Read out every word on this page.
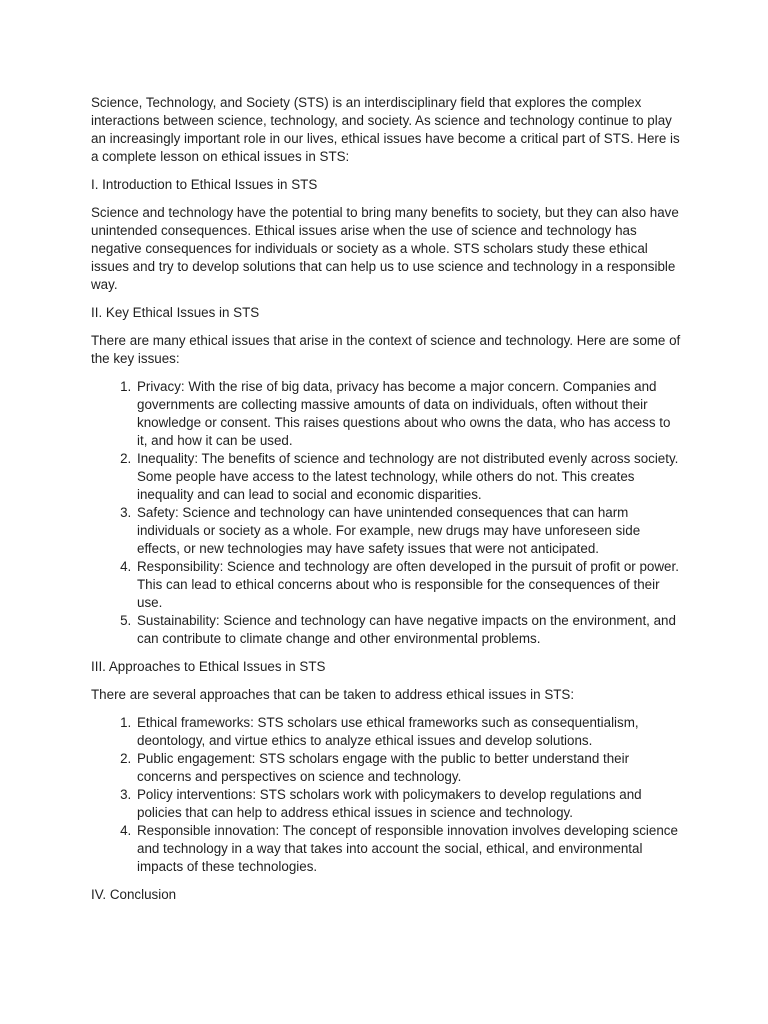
Science, Technology, and Society (STS) is an interdisciplinary field that explores the complex interactions between science, technology, and society. As science and technology continue to play an increasingly important role in our lives, ethical issues have become a critical part of STS. Here is a complete lesson on ethical issues in STS:

I. Introduction to Ethical Issues in STS

Science and technology have the potential to bring many benefits to society, but they can also have unintended consequences. Ethical issues arise when the use of science and technology has negative consequences for individuals or society as a whole. STS scholars study these ethical issues and try to develop solutions that can help us to use science and technology in a responsible way.

II. Key Ethical Issues in STS

There are many ethical issues that arise in the context of science and technology. Here are some of the key issues:

1. Privacy: With the rise of big data, privacy has become a major concern. Companies and governments are collecting massive amounts of data on individuals, often without their knowledge or consent. This raises questions about who owns the data, who has access to it, and how it can be used.
2. Inequality: The benefits of science and technology are not distributed evenly across society. Some people have access to the latest technology, while others do not. This creates inequality and can lead to social and economic disparities.
3. Safety: Science and technology can have unintended consequences that can harm individuals or society as a whole. For example, new drugs may have unforeseen side effects, or new technologies may have safety issues that were not anticipated.
4. Responsibility: Science and technology are often developed in the pursuit of profit or power. This can lead to ethical concerns about who is responsible for the consequences of their use.
5. Sustainability: Science and technology can have negative impacts on the environment, and can contribute to climate change and other environmental problems.

III. Approaches to Ethical Issues in STS

There are several approaches that can be taken to address ethical issues in STS:

1. Ethical frameworks: STS scholars use ethical frameworks such as consequentialism, deontology, and virtue ethics to analyze ethical issues and develop solutions.
2. Public engagement: STS scholars engage with the public to better understand their concerns and perspectives on science and technology.
3. Policy interventions: STS scholars work with policymakers to develop regulations and policies that can help to address ethical issues in science and technology.
4. Responsible innovation: The concept of responsible innovation involves developing science and technology in a way that takes into account the social, ethical, and environmental impacts of these technologies.

IV. Conclusion
